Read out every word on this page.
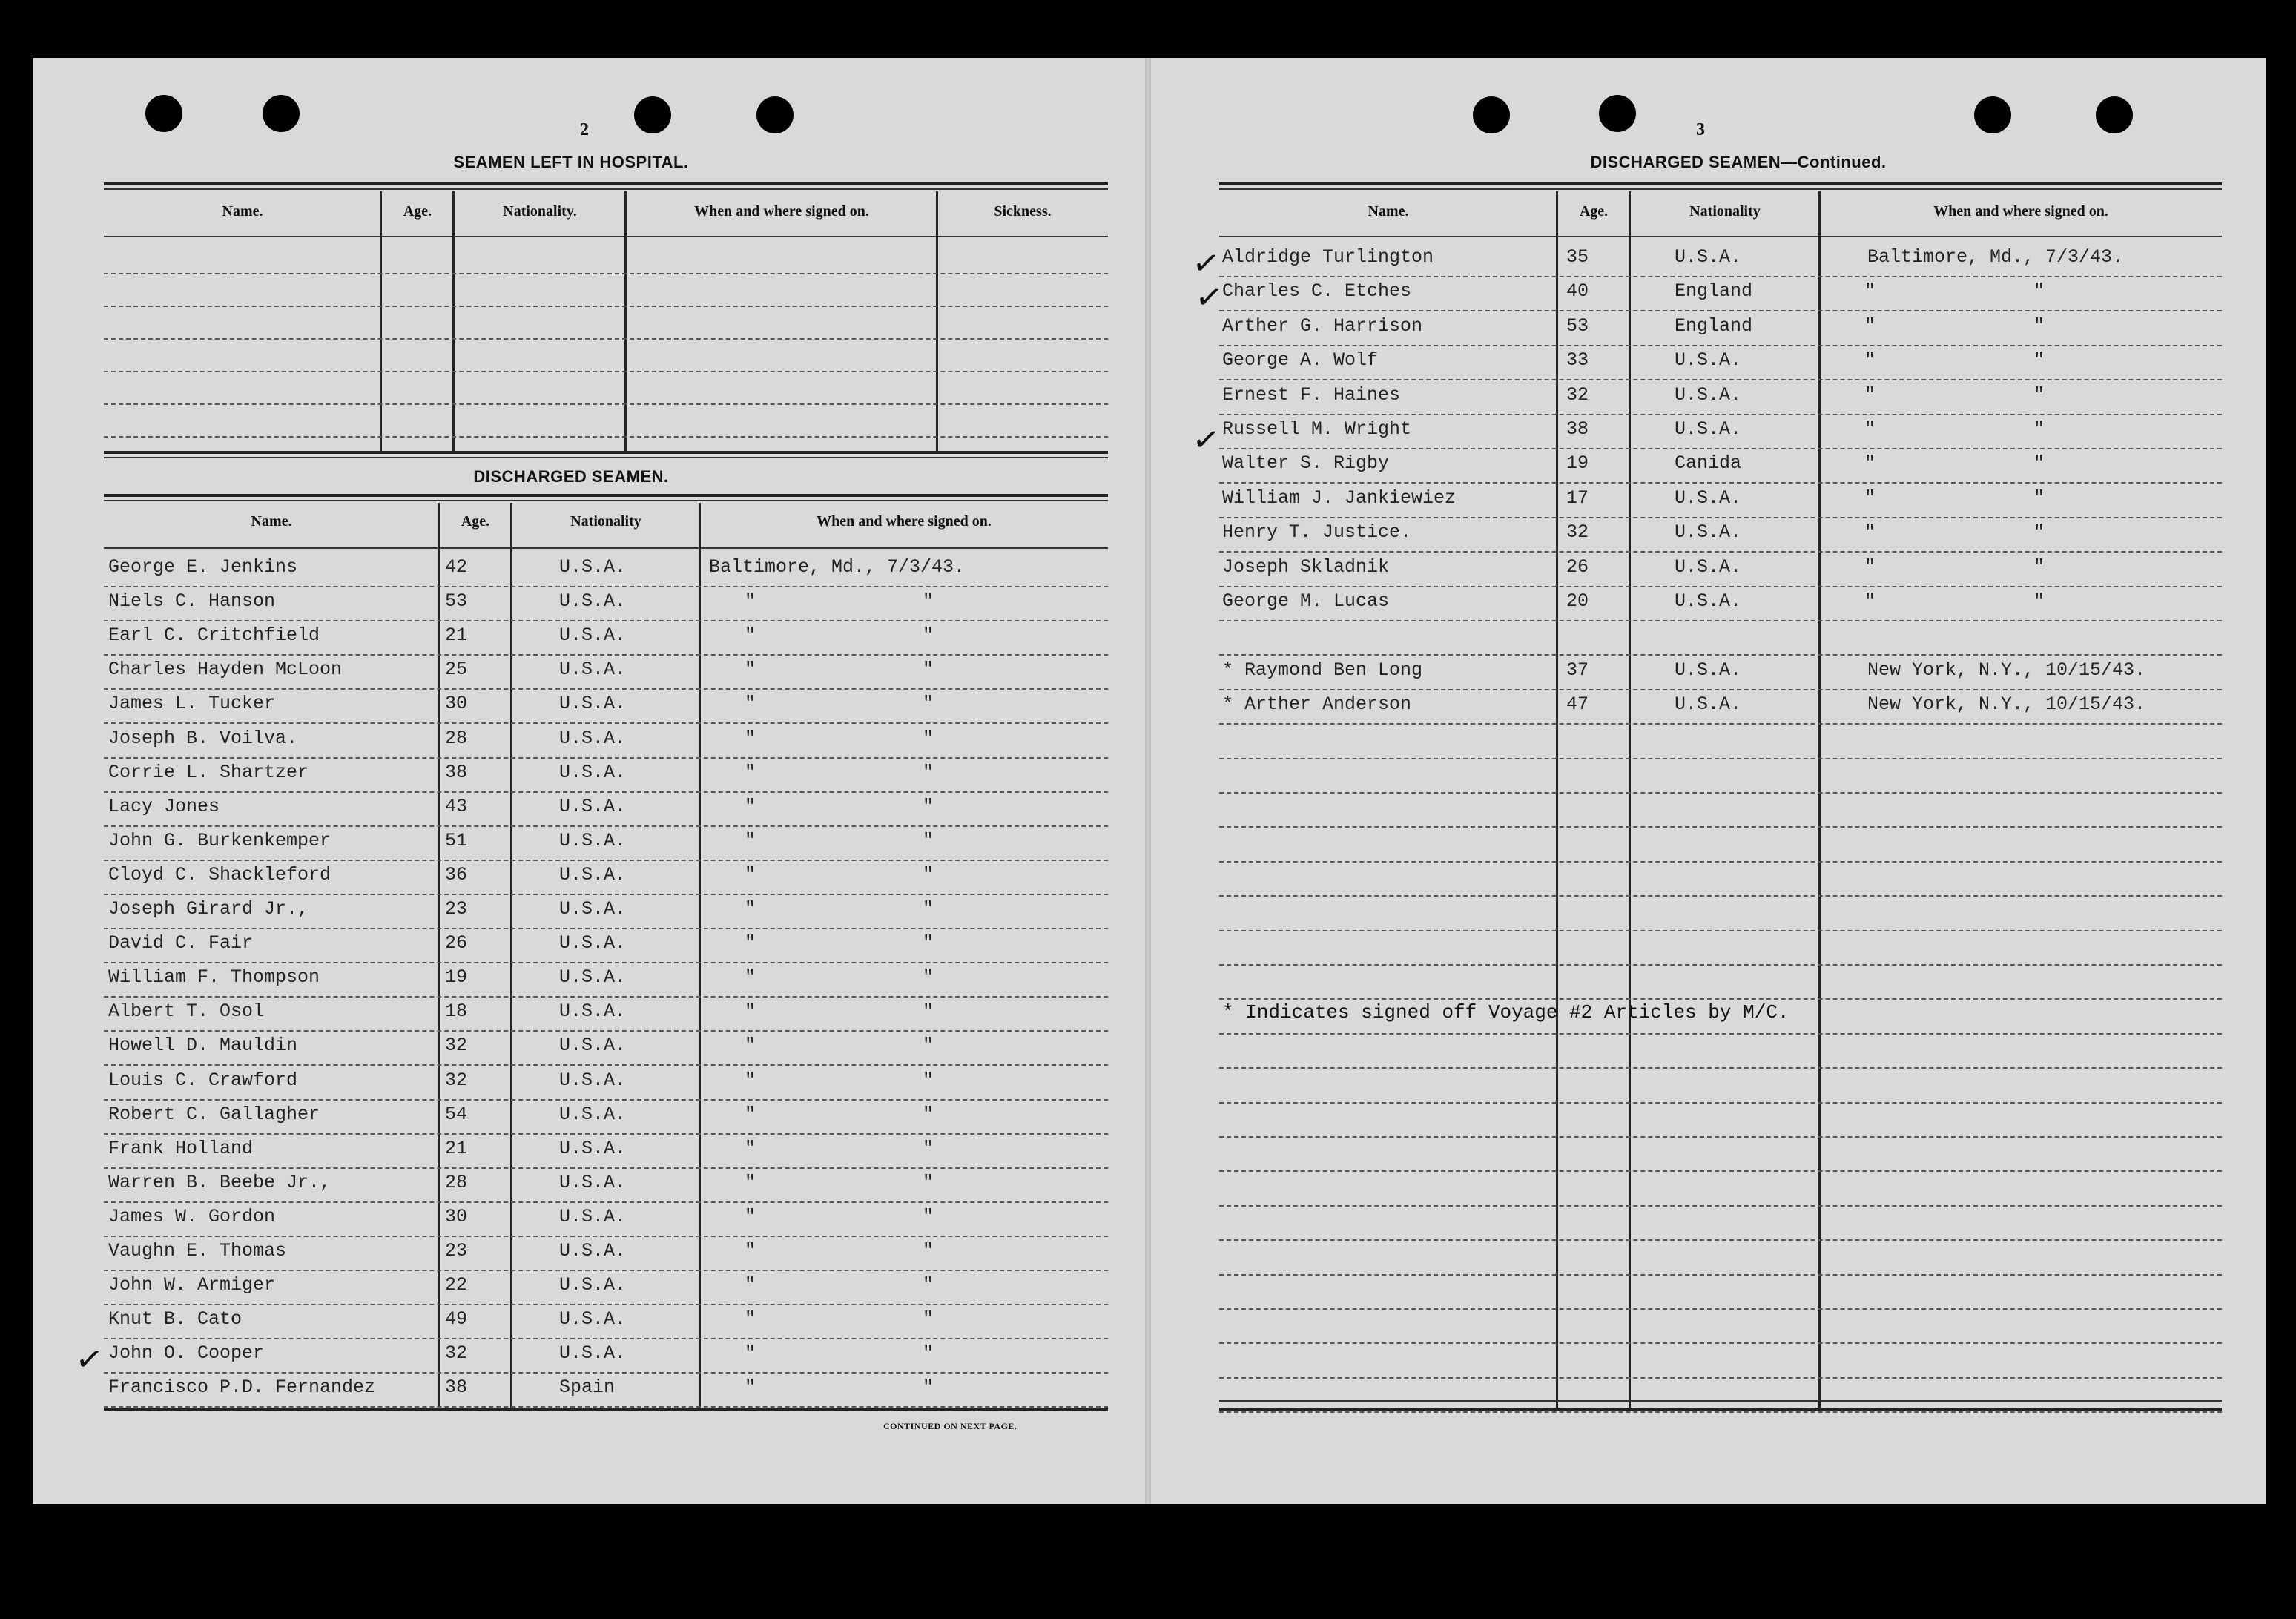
2
SEAMEN LEFT IN HOSPITAL.
Name.	Age.	Nationality.	When and where signed on.	Sickness.
DISCHARGED SEAMEN.
Name.	Age.	Nationality	When and where signed on.
George E. Jenkins	42	U.S.A.	Baltimore, Md., 7/3/43.
Niels C. Hanson	53	U.S.A.	"	"
Earl C. Critchfield	21	U.S.A.	"	"
Charles Hayden McLoon	25	U.S.A.	"	"
James L. Tucker	30	U.S.A.	"	"
Joseph B. Voilva.	28	U.S.A.	"	"
Corrie L. Shartzer	38	U.S.A.	"	"
Lacy Jones	43	U.S.A.	"	"
John G. Burkenkemper	51	U.S.A.	"	"
Cloyd C. Shackleford	36	U.S.A.	"	"
Joseph Girard Jr.,	23	U.S.A.	"	"
David C. Fair	26	U.S.A.	"	"
William F. Thompson	19	U.S.A.	"	"
Albert T. Osol	18	U.S.A.	"	"
Howell D. Mauldin	32	U.S.A.	"	"
Louis C. Crawford	32	U.S.A.	"	"
Robert C. Gallagher	54	U.S.A.	"	"
Frank Holland	21	U.S.A.	"	"
Warren B. Beebe Jr.,	28	U.S.A.	"	"
James W. Gordon	30	U.S.A.	"	"
Vaughn E. Thomas	23	U.S.A.	"	"
John W. Armiger	22	U.S.A.	"	"
Knut B. Cato	49	U.S.A.	"	"
John O. Cooper	32	U.S.A.	"	"
Francisco P.D. Fernandez	38	Spain	"	"
CONTINUED ON NEXT PAGE.
✓
3
DISCHARGED SEAMEN—Continued.
Name.	Age.	Nationality	When and where signed on.
Aldridge Turlington	35	U.S.A.	Baltimore, Md., 7/3/43.
Charles C. Etches	40	England	"	"
Arther G. Harrison	53	England	"	"
George A. Wolf	33	U.S.A.	"	"
Ernest F. Haines	32	U.S.A.	"	"
Russell M. Wright	38	U.S.A.	"	"
Walter S. Rigby	19	Canida	"	"
William J. Jankiewiez	17	U.S.A.	"	"
Henry T. Justice.	32	U.S.A.	"	"
Joseph Skladnik	26	U.S.A.	"	"
George M. Lucas	20	U.S.A.	"	"
* Raymond Ben Long	37	U.S.A.	New York, N.Y., 10/15/43.
* Arther Anderson	47	U.S.A.	New York, N.Y., 10/15/43.
* Indicates signed off Voyage #2 Articles by M/C.
✓
✓
✓
